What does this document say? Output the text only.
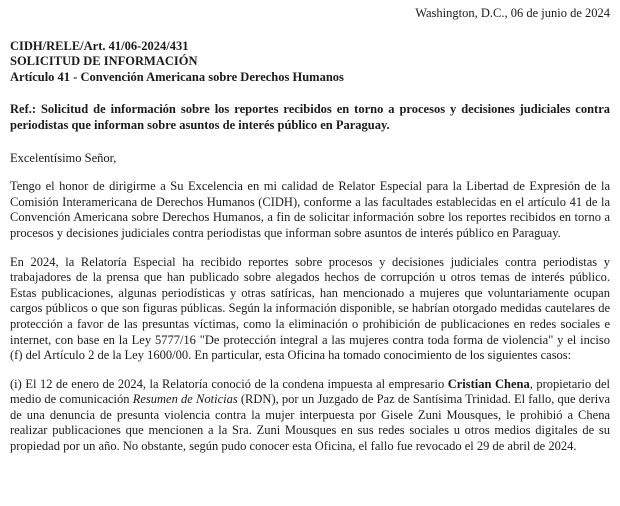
Washington, D.C., 06 de junio de 2024
CIDH/RELE/Art. 41/06-2024/431
SOLICITUD DE INFORMACIÓN
Artículo 41 - Convención Americana sobre Derechos Humanos

Ref.: Solicitud de información sobre los reportes recibidos en torno a procesos y decisiones judiciales contra periodistas que informan sobre asuntos de interés público en Paraguay.

Excelentísimo Señor,

Tengo el honor de dirigirme a Su Excelencia en mi calidad de Relator Especial para la Libertad de Expresión de la Comisión Interamericana de Derechos Humanos (CIDH), conforme a las facultades establecidas en el artículo 41 de la Convención Americana sobre Derechos Humanos, a fin de solicitar información sobre los reportes recibidos en torno a procesos y decisiones judiciales contra periodistas que informan sobre asuntos de interés público en Paraguay.

En 2024, la Relatoría Especial ha recibido reportes sobre procesos y decisiones judiciales contra periodistas y trabajadores de la prensa que han publicado sobre alegados hechos de corrupción u otros temas de interés público. Estas publicaciones, algunas periodísticas y otras satíricas, han mencionado a mujeres que voluntariamente ocupan cargos públicos o que son figuras públicas. Según la información disponible, se habrían otorgado medidas cautelares de protección a favor de las presuntas víctimas, como la eliminación o prohibición de publicaciones en redes sociales e internet, con base en la Ley 5777/16 "De protección integral a las mujeres contra toda forma de violencia" y el inciso (f) del Artículo 2 de la Ley 1600/00. En particular, esta Oficina ha tomado conocimiento de los siguientes casos:

(i) El 12 de enero de 2024, la Relatoría conoció de la condena impuesta al empresario Cristian Chena, propietario del medio de comunicación Resumen de Noticias (RDN), por un Juzgado de Paz de Santísima Trinidad. El fallo, que deriva de una denuncia de presunta violencia contra la mujer interpuesta por Gisele Zuni Mousques, le prohibió a Chena realizar publicaciones que mencionen a la Sra. Zuni Mousques en sus redes sociales u otros medios digitales de su propiedad por un año. No obstante, según pudo conocer esta Oficina, el fallo fue revocado el 29 de abril de 2024.
